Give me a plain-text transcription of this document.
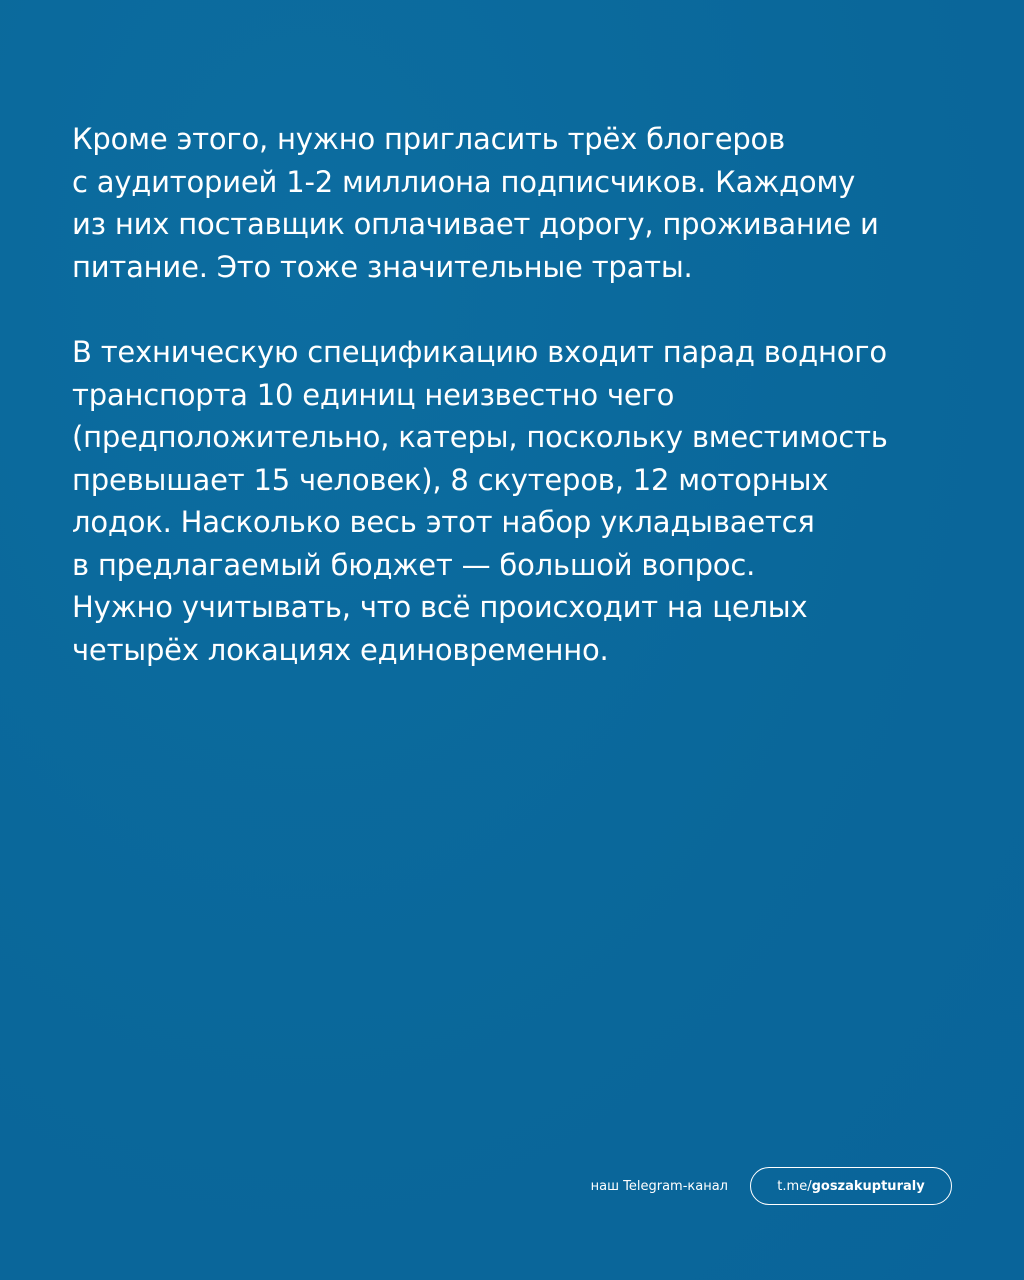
Кроме этого, нужно пригласить трёх блогеров
с аудиторией 1-2 миллиона подписчиков. Каждому
из них поставщик оплачивает дорогу, проживание и
питание. Это тоже значительные траты.

В техническую спецификацию входит парад водного
транспорта 10 единиц неизвестно чего
(предположительно, катеры, поскольку вместимость
превышает 15 человек), 8 скутеров, 12 моторных
лодок. Насколько весь этот набор укладывается
в предлагаемый бюджет — большой вопрос.
Нужно учитывать, что всё происходит на целых
четырёх локациях единовременно.

наш Telegram-канал	t.me/ goszakupturaly
